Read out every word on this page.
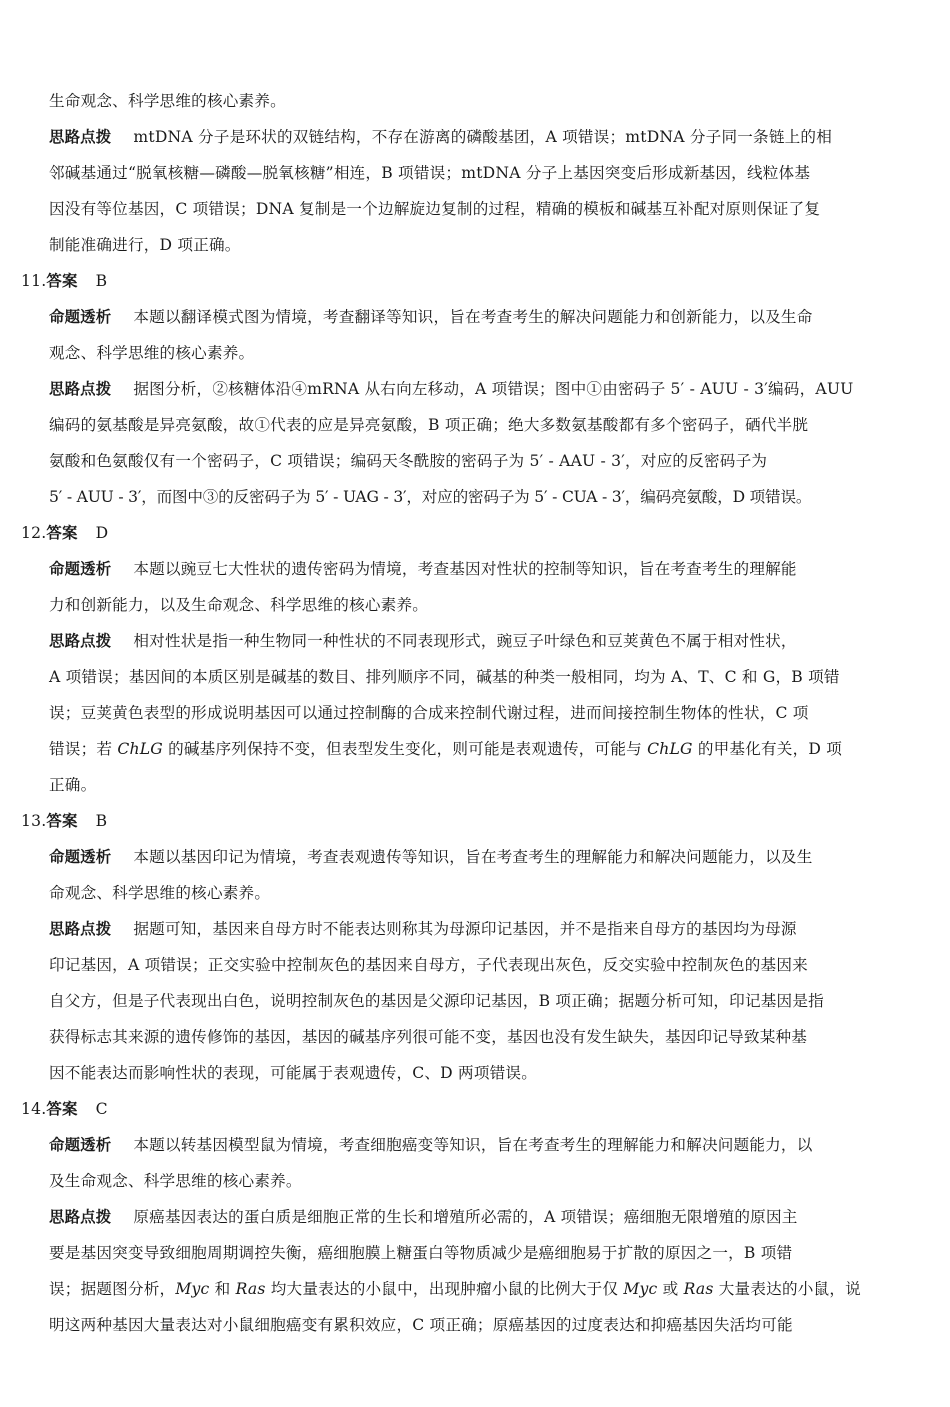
生命观念、科学思维的核心素养。
思路点拨 mtDNA 分子是环状的双链结构，不存在游离的磷酸基团，A 项错误；mtDNA 分子同一条链上的相
邻碱基通过“脱氧核糖—磷酸—脱氧核糖”相连，B 项错误；mtDNA 分子上基因突变后形成新基因，线粒体基
因没有等位基因，C 项错误；DNA 复制是一个边解旋边复制的过程，精确的模板和碱基互补配对原则保证了复
制能准确进行，D 项正确。
11.答案 B
命题透析 本题以翻译模式图为情境，考查翻译等知识，旨在考查考生的解决问题能力和创新能力，以及生命
观念、科学思维的核心素养。
思路点拨 据图分析，②核糖体沿④mRNA 从右向左移动，A 项错误；图中①由密码子 5′ - AUU - 3′编码，AUU
编码的氨基酸是异亮氨酸，故①代表的应是异亮氨酸，B 项正确；绝大多数氨基酸都有多个密码子，硒代半胱
氨酸和色氨酸仅有一个密码子，C 项错误；编码天冬酰胺的密码子为 5′ - AAU - 3′，对应的反密码子为
5′ - AUU - 3′，而图中③的反密码子为 5′ - UAG - 3′，对应的密码子为 5′ - CUA - 3′，编码亮氨酸，D 项错误。
12.答案 D
命题透析 本题以豌豆七大性状的遗传密码为情境，考查基因对性状的控制等知识，旨在考查考生的理解能
力和创新能力，以及生命观念、科学思维的核心素养。
思路点拨 相对性状是指一种生物同一种性状的不同表现形式，豌豆子叶绿色和豆荚黄色不属于相对性状，
A 项错误；基因间的本质区别是碱基的数目、排列顺序不同，碱基的种类一般相同，均为 A、T、C 和 G，B 项错
误；豆荚黄色表型的形成说明基因可以通过控制酶的合成来控制代谢过程，进而间接控制生物体的性状，C 项
错误；若 ChLG 的碱基序列保持不变，但表型发生变化，则可能是表观遗传，可能与 ChLG 的甲基化有关，D 项
正确。
13.答案 B
命题透析 本题以基因印记为情境，考查表观遗传等知识，旨在考查考生的理解能力和解决问题能力，以及生
命观念、科学思维的核心素养。
思路点拨 据题可知，基因来自母方时不能表达则称其为母源印记基因，并不是指来自母方的基因均为母源
印记基因，A 项错误；正交实验中控制灰色的基因来自母方，子代表现出灰色，反交实验中控制灰色的基因来
自父方，但是子代表现出白色，说明控制灰色的基因是父源印记基因，B 项正确；据题分析可知，印记基因是指
获得标志其来源的遗传修饰的基因，基因的碱基序列很可能不变，基因也没有发生缺失，基因印记导致某种基
因不能表达而影响性状的表现，可能属于表观遗传，C、D 两项错误。
14.答案 C
命题透析 本题以转基因模型鼠为情境，考查细胞癌变等知识，旨在考查考生的理解能力和解决问题能力，以
及生命观念、科学思维的核心素养。
思路点拨 原癌基因表达的蛋白质是细胞正常的生长和增殖所必需的，A 项错误；癌细胞无限增殖的原因主
要是基因突变导致细胞周期调控失衡，癌细胞膜上糖蛋白等物质减少是癌细胞易于扩散的原因之一，B 项错
误；据题图分析，Myc 和 Ras 均大量表达的小鼠中，出现肿瘤小鼠的比例大于仅 Myc 或 Ras 大量表达的小鼠，说
明这两种基因大量表达对小鼠细胞癌变有累积效应，C 项正确；原癌基因的过度表达和抑癌基因失活均可能
